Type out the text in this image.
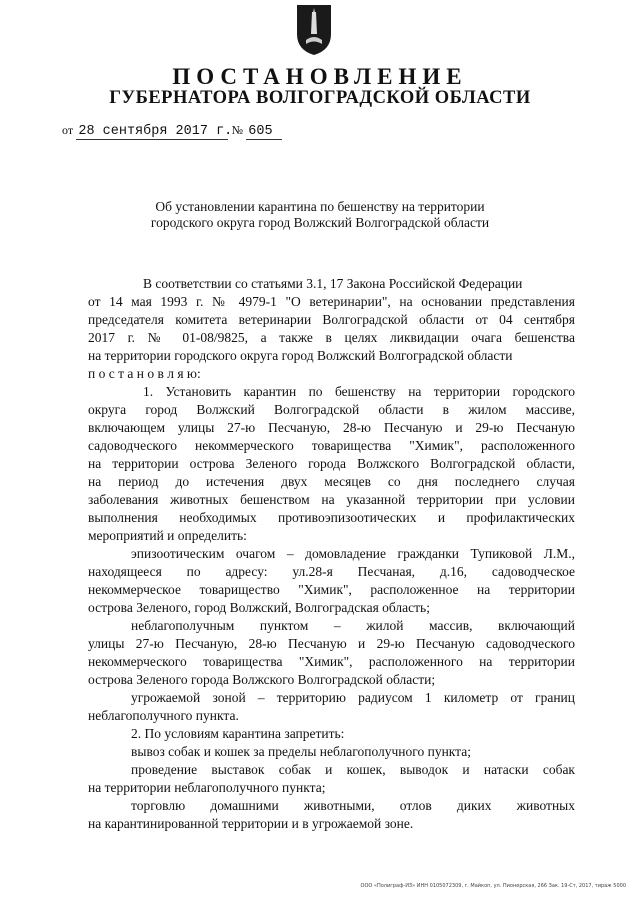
ПОСТАНОВЛЕНИЕ
ГУБЕРНАТОРА ВОЛГОГРАДСКОЙ ОБЛАСТИ
от 28 сентября 2017 г. № 605
Об установлении карантина по бешенству на территории
городского округа город Волжский Волгоградской области
В соответствии со статьями 3.1, 17 Закона Российской Федерации
от 14 мая 1993 г. № 4979-1 "О ветеринарии", на основании представления
председателя комитета ветеринарии Волгоградской области от 04 сентября
2017 г. № 01-08/9825, а также в целях ликвидации очага бешенства
на территории городского округа город Волжский Волгоградской области
п о с т а н о в л я ю:
1. Установить карантин по бешенству на территории городского
округа город Волжский Волгоградской области в жилом массиве,
включающем улицы 27-ю Песчаную, 28-ю Песчаную и 29-ю Песчаную
садоводческого некоммерческого товарищества "Химик", расположенного
на территории острова Зеленого города Волжского Волгоградской области,
на период до истечения двух месяцев со дня последнего случая
заболевания животных бешенством на указанной территории при условии
выполнения необходимых противоэпизоотических и профилактических
мероприятий и определить:
эпизоотическим очагом – домовладение гражданки Тупиковой Л.М.,
находящееся по адресу: ул.28-я Песчаная, д.16, садоводческое
некоммерческое товарищество "Химик", расположенное на территории
острова Зеленого, город Волжский, Волгоградская область;
неблагополучным пунктом – жилой массив, включающий
улицы 27-ю Песчаную, 28-ю Песчаную и 29-ю Песчаную садоводческого
некоммерческого товарищества "Химик", расположенного на территории
острова Зеленого города Волжского Волгоградской области;
угрожаемой зоной – территорию радиусом 1 километр от границ
неблагополучного пункта.
2. По условиям карантина запретить:
вывоз собак и кошек за пределы неблагополучного пункта;
проведение выставок собак и кошек, выводок и натаски собак
на территории неблагополучного пункта;
торговлю домашними животными, отлов диких животных
на карантинированной территории и в угрожаемой зоне.
ООО «Полиграф-ИЗ» ИНН 0105072309, г. Майкоп, ул. Пионерская, 266 Зак. 19-Ст, 2017, тираж 5000
